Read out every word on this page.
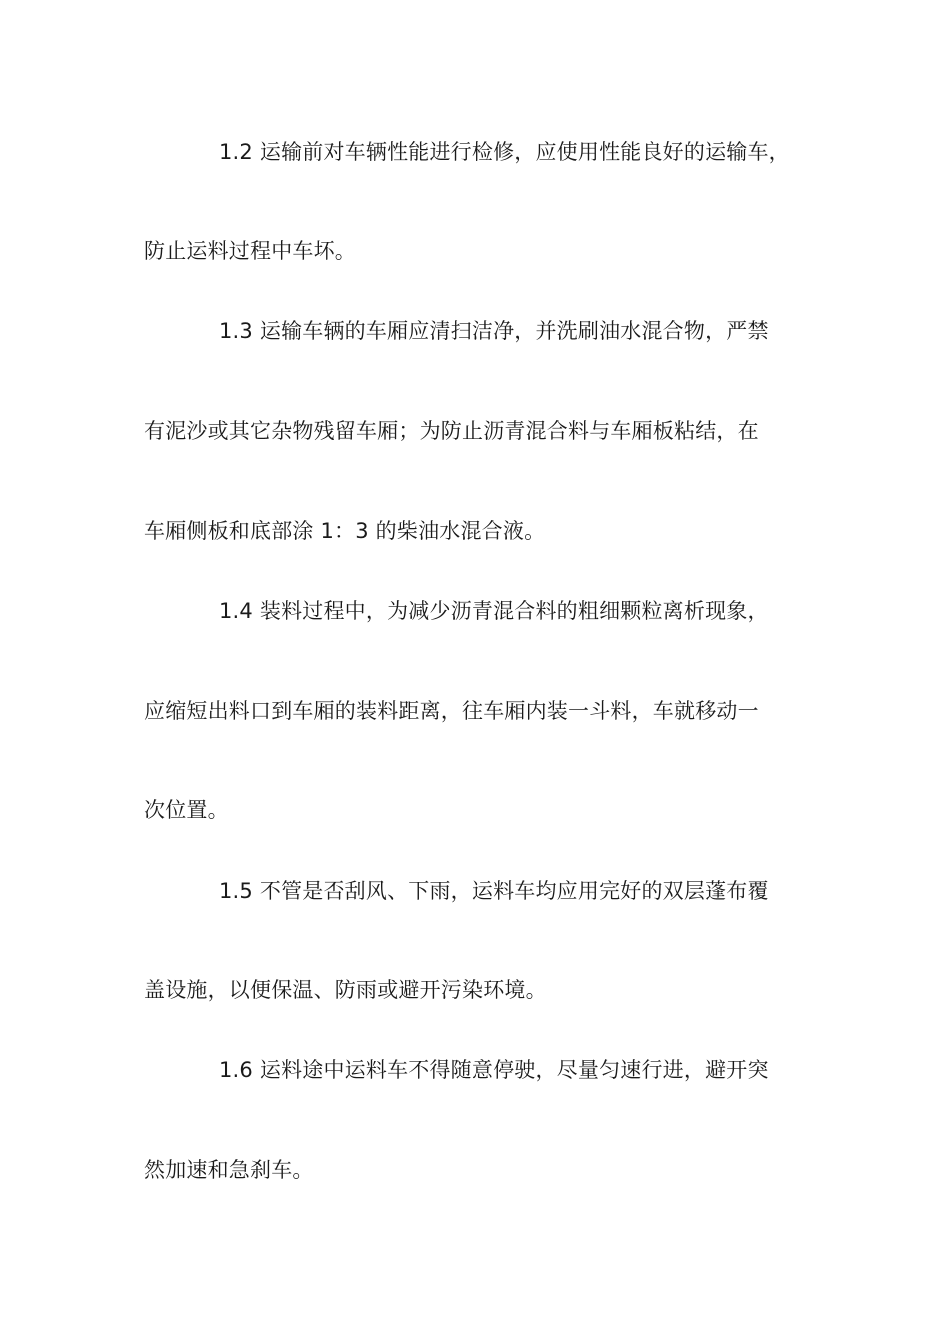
1.2 运输前对车辆性能进行检修，应使用性能良好的运输车，
防止运料过程中车坏。
1.3 运输车辆的车厢应清扫洁净，并洗刷油水混合物，严禁
有泥沙或其它杂物残留车厢；为防止沥青混合料与车厢板粘结，在
车厢侧板和底部涂 1：3 的柴油水混合液。
1.4 装料过程中，为减少沥青混合料的粗细颗粒离析现象，
应缩短出料口到车厢的装料距离，往车厢内装一斗料，车就移动一
次位置。
1.5 不管是否刮风、下雨，运料车均应用完好的双层蓬布覆
盖设施，以便保温、防雨或避开污染环境。
1.6 运料途中运料车不得随意停驶，尽量匀速行进，避开突
然加速和急刹车。
